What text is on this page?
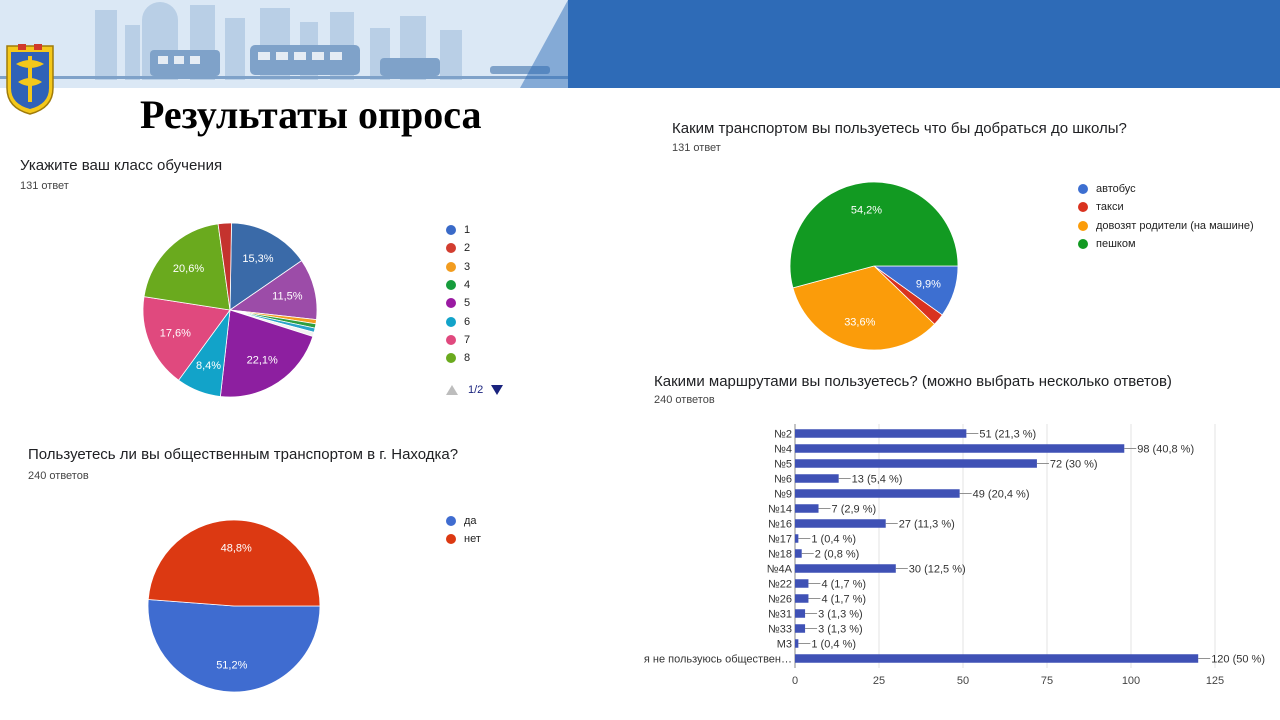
Результаты опроса

Укажите ваш класс обучения

131 ответ

15,3%
11,5%
22,1%
8,4%
17,6%
20,6%
1
2
3
4
5
6
7
8
1/2

Каким транспортом вы пользуетесь что бы добраться до школы?

131 ответ

9,9%
33,6%
54,2%
автобус
такси
довозят родители (на машине)
пешком

Пользуетесь ли вы общественным транспортом в г. Находка?

240 ответов

51,2%
48,8%
да
нет

Какими маршрутами вы пользуетесь? (можно выбрать несколько ответов)

240 ответов

0	25	50	75	100	125
№2	51 (21,3 %)
№4	98 (40,8 %)
№5	72 (30 %)
№6	13 (5,4 %)
№9	49 (20,4 %)
№14	7 (2,9 %)
№16	27 (11,3 %)
№17 1 (0,4 %)
№18 2 (0,8 %)
№4А	30 (12,5 %)
№22	4 (1,7 %)
№26	4 (1,7 %)
№31 3 (1,3 %)
№33 3 (1,3 %)
М3 1 (0,4 %)
я не пользуюсь обществен…	120 (50 %)
